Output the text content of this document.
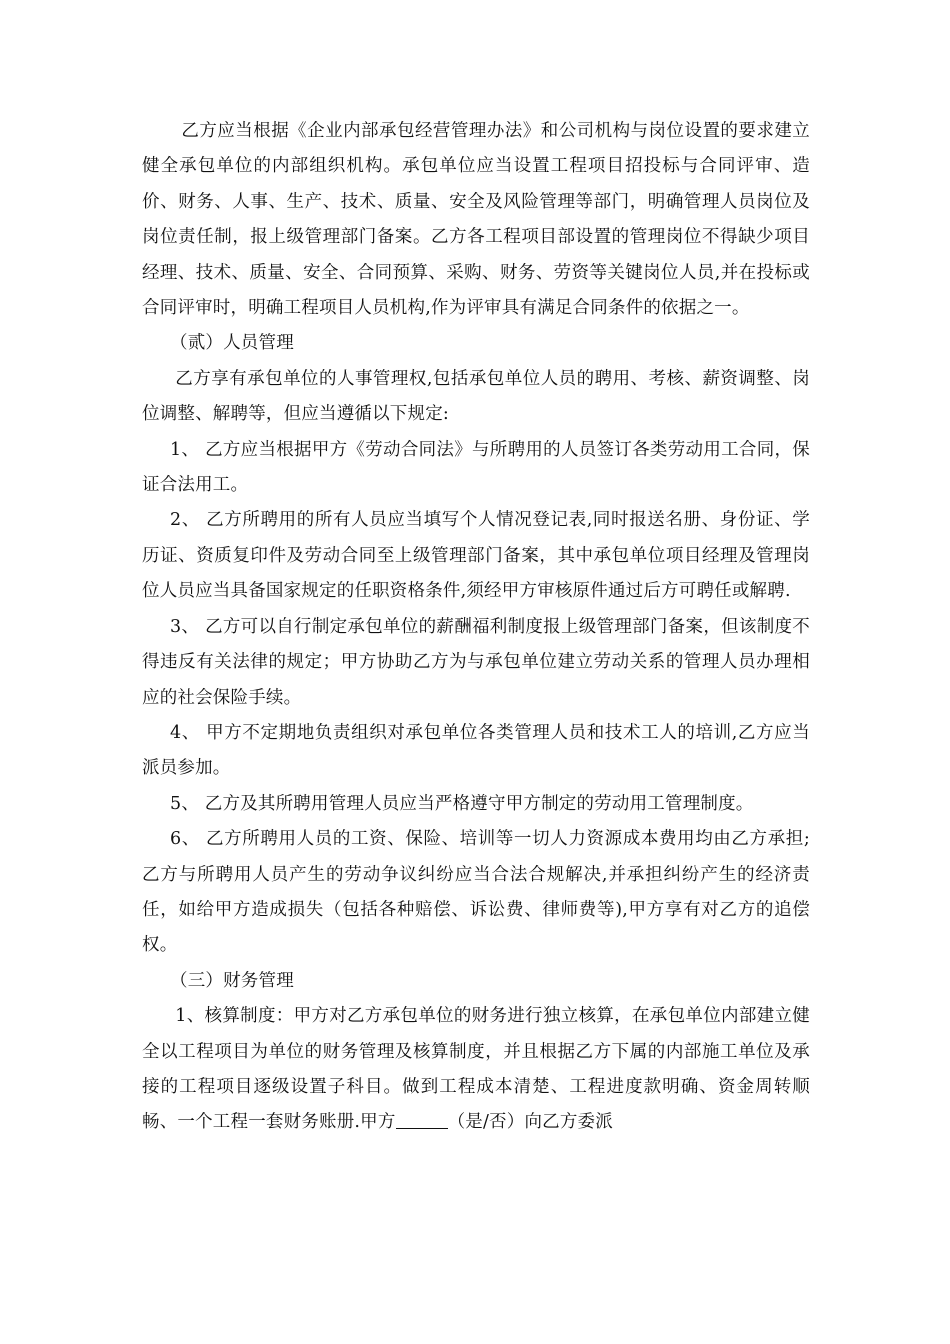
乙方应当根据《企业内部承包经营管理办法》和公司机构与岗位设置的要求建立健全承包单位的内部组织机构。承包单位应当设置工程项目招投标与合同评审、造价、财务、人事、生产、技术、质量、安全及风险管理等部门，明确管理人员岗位及岗位责任制，报上级管理部门备案。乙方各工程项目部设置的管理岗位不得缺少项目经理、技术、质量、安全、合同预算、采购、财务、劳资等关键岗位人员,并在投标或合同评审时，明确工程项目人员机构,作为评审具有满足合同条件的依据之一。

（贰）人员管理

乙方享有承包单位的人事管理权,包括承包单位人员的聘用、考核、薪资调整、岗位调整、解聘等，但应当遵循以下规定:

1、 乙方应当根据甲方《劳动合同法》与所聘用的人员签订各类劳动用工合同，保证合法用工。

2、 乙方所聘用的所有人员应当填写个人情况登记表,同时报送名册、身份证、学历证、资质复印件及劳动合同至上级管理部门备案，其中承包单位项目经理及管理岗位人员应当具备国家规定的任职资格条件,须经甲方审核原件通过后方可聘任或解聘.

3、 乙方可以自行制定承包单位的薪酬福利制度报上级管理部门备案，但该制度不得违反有关法律的规定；甲方协助乙方为与承包单位建立劳动关系的管理人员办理相应的社会保险手续。

4、 甲方不定期地负责组织对承包单位各类管理人员和技术工人的培训,乙方应当派员参加。

5、 乙方及其所聘用管理人员应当严格遵守甲方制定的劳动用工管理制度。

6、 乙方所聘用人员的工资、保险、培训等一切人力资源成本费用均由乙方承担;乙方与所聘用人员产生的劳动争议纠纷应当合法合规解决,并承担纠纷产生的经济责任，如给甲方造成损失（包括各种赔偿、诉讼费、律师费等),甲方享有对乙方的追偿权。

（三）财务管理

1、核算制度：甲方对乙方承包单位的财务进行独立核算，在承包单位内部建立健全以工程项目为单位的财务管理及核算制度，并且根据乙方下属的内部施工单位及承接的工程项目逐级设置子科目。做到工程成本清楚、工程进度款明确、资金周转顺畅、一个工程一套财务账册.甲方	（是/否）向乙方委派
